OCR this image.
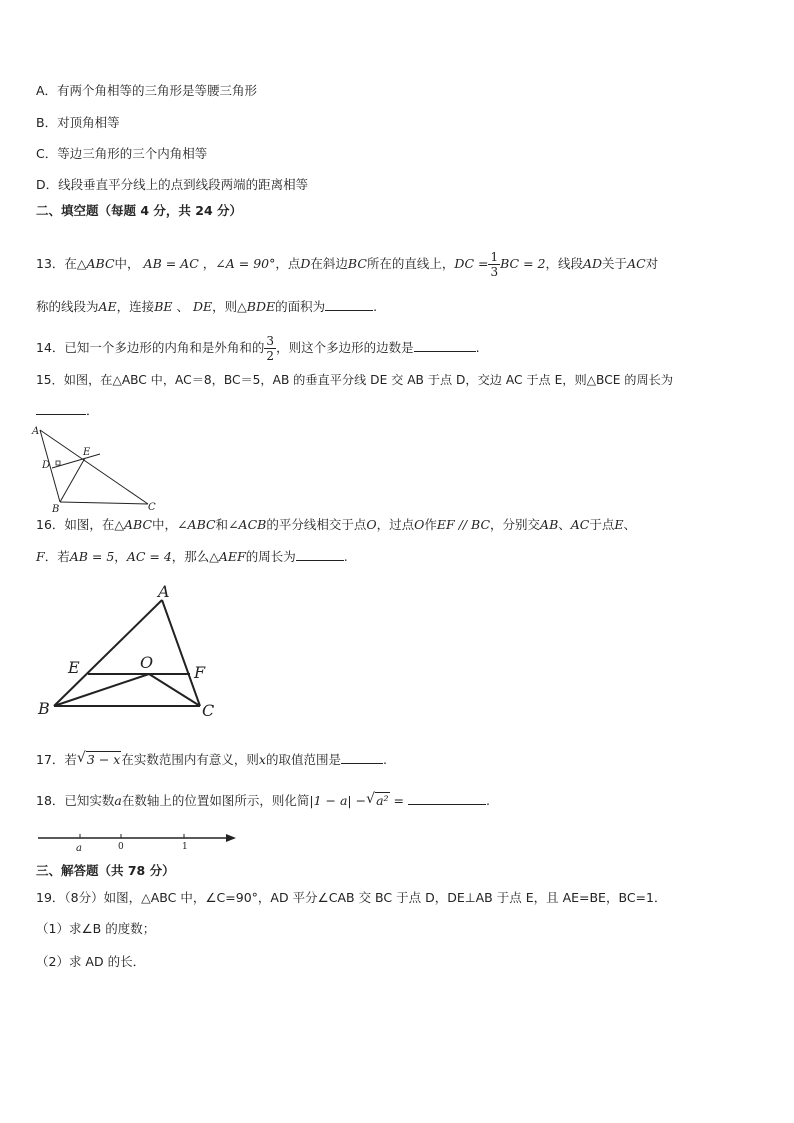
A．有两个角相等的三角形是等腰三角形
B．对顶角相等
C．等边三角形的三个内角相等
D．线段垂直平分线上的点到线段两端的距离相等
二、填空题（每题 4 分，共 24 分）
13．在△ABC中， AB = AC ，∠A = 90°，点D在斜边BC所在的直线上，DC = $\frac{1}{3}$ BC = 2，线段AD关于AC对
称的线段为AE，连接BE 、 DE，则△BDE的面积为	.
14．已知一个多边形的内角和是外角和的 $\frac{3}{2}$ ，则这个多边形的边数是	.
15．如图，在△ABC 中，AC＝8，BC＝5，AB 的垂直平分线 DE 交 AB 于点 D，交边 AC 于点 E，则△BCE 的周长为
．
A
B	C
D
E
16．如图，在△ABC中，∠ABC和∠ACB的平分线相交于点O，过点O作EF // BC，分别交AB、AC于点E、
F．若AB = 5，AC = 4，那么△AEF的周长为	.
A
B	C
E	F
O
17．若 √ 3 − x在实数范围内有意义，则x的取值范围是	.
18．已知实数a在数轴上的位置如图所示，则化简|1 − a| − √ a² =	.
a	0	1
三、解答题（共 78 分）
19．（8分）如图，△ABC 中，∠C=90°，AD 平分∠CAB 交 BC 于点 D，DE⊥AB 于点 E，且 AE=BE，BC=1．
（1）求∠B 的度数；
（2）求 AD 的长．
